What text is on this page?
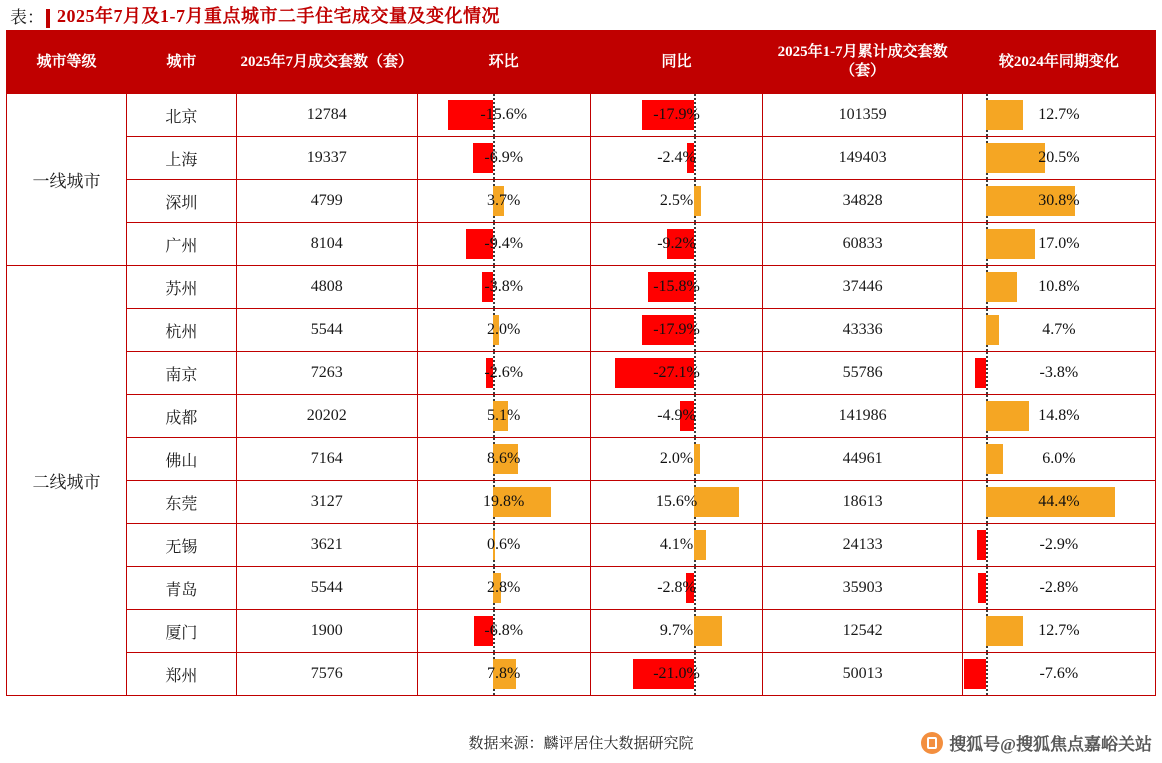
表： 2025年7月及1-7月重点城市二手住宅成交量及变化情况
城市等级	城市	2025年7月成交套数（套）	环比	同比	2025年1-7月累计成交套数（套）	较2024年同期变化
一线城市	北京	12784	-15.6%	-17.9%	101359	12.7%

	上海	19337	-6.9%	-2.4%	149403	20.5%

	深圳	4799	3.7%	2.5%	34828	30.8%

	广州	8104	-9.4%	-9.2%	60833	17.0%

二线城市	苏州	4808	-3.8%	-15.8%	37446	10.8%

	杭州	5544	2.0%	-17.9%	43336	4.7%

	南京	7263	-2.6%	-27.1%	55786	-3.8%

	成都	20202	5.1%	-4.9%	141986	14.8%

	佛山	7164	8.6%	2.0%	44961	6.0%

	东莞	3127	19.8%	15.6%	18613	44.4%

	无锡	3621	0.6%	4.1%	24133	-2.9%

	青岛	5544	2.8%	-2.8%	35903	-2.8%

	厦门	1900	-6.8%	9.7%	12542	12.7%

	郑州	7576	7.8%	-21.0%	50013	-7.6%
数据来源：麟评居住大数据研究院	搜狐号@搜狐焦点嘉峪关站
